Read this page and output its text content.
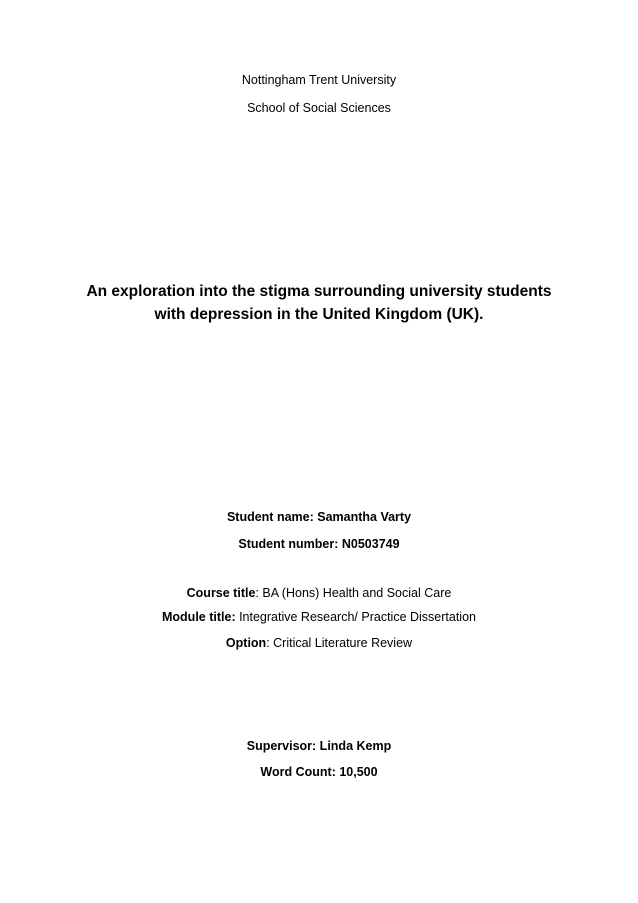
Nottingham Trent University
School of Social Sciences
An exploration into the stigma surrounding university students
with depression in the United Kingdom (UK).
Student name: Samantha Varty
Student number: N0503749
Course title: BA (Hons) Health and Social Care
Module title: Integrative Research/ Practice Dissertation
Option: Critical Literature Review
Supervisor: Linda Kemp
Word Count: 10,500
